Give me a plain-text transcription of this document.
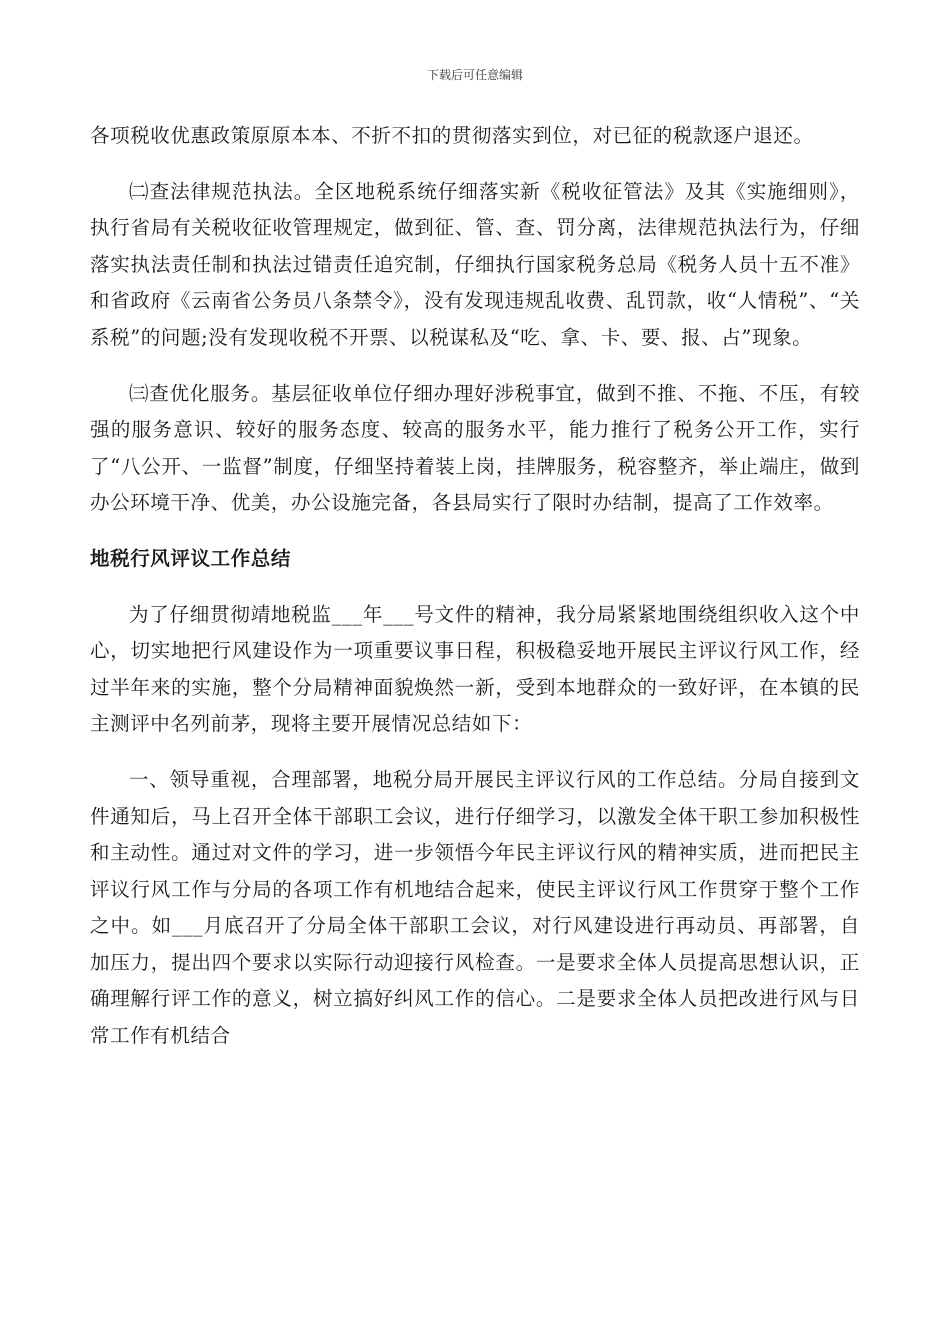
下载后可任意编辑

各项税收优惠政策原原本本、不折不扣的贯彻落实到位，对已征的税款逐户退还。

㈡查法律规范执法。全区地税系统仔细落实新《税收征管法》及其《实施细则》，执行省局有关税收征收管理规定，做到征、管、查、罚分离，法律规范执法行为，仔细落实执法责任制和执法过错责任追究制，仔细执行国家税务总局《税务人员十五不准》和省政府《云南省公务员八条禁令》，没有发现违规乱收费、乱罚款，收“人情税”、“关系税”的问题;没有发现收税不开票、以税谋私及“吃、拿、卡、要、报、占”现象。

㈢查优化服务。基层征收单位仔细办理好涉税事宜，做到不推、不拖、不压，有较强的服务意识、较好的服务态度、较高的服务水平，能力推行了税务公开工作，实行了“八公开、一监督”制度，仔细坚持着装上岗，挂牌服务，税容整齐，举止端庄，做到办公环境干净、优美，办公设施完备，各县局实行了限时办结制，提高了工作效率。

地税行风评议工作总结

为了仔细贯彻靖地税监___年___号文件的精神，我分局紧紧地围绕组织收入这个中心，切实地把行风建设作为一项重要议事日程，积极稳妥地开展民主评议行风工作，经过半年来的实施，整个分局精神面貌焕然一新，受到本地群众的一致好评，在本镇的民主测评中名列前茅，现将主要开展情况总结如下：

一、领导重视，合理部署，地税分局开展民主评议行风的工作总结。分局自接到文件通知后，马上召开全体干部职工会议，进行仔细学习，以激发全体干职工参加积极性和主动性。通过对文件的学习，进一步领悟今年民主评议行风的精神实质，进而把民主评议行风工作与分局的各项工作有机地结合起来，使民主评议行风工作贯穿于整个工作之中。如___月底召开了分局全体干部职工会议，对行风建设进行再动员、再部署，自加压力，提出四个要求以实际行动迎接行风检查。一是要求全体人员提高思想认识，正确理解行评工作的意义，树立搞好纠风工作的信心。二是要求全体人员把改进行风与日常工作有机结合
